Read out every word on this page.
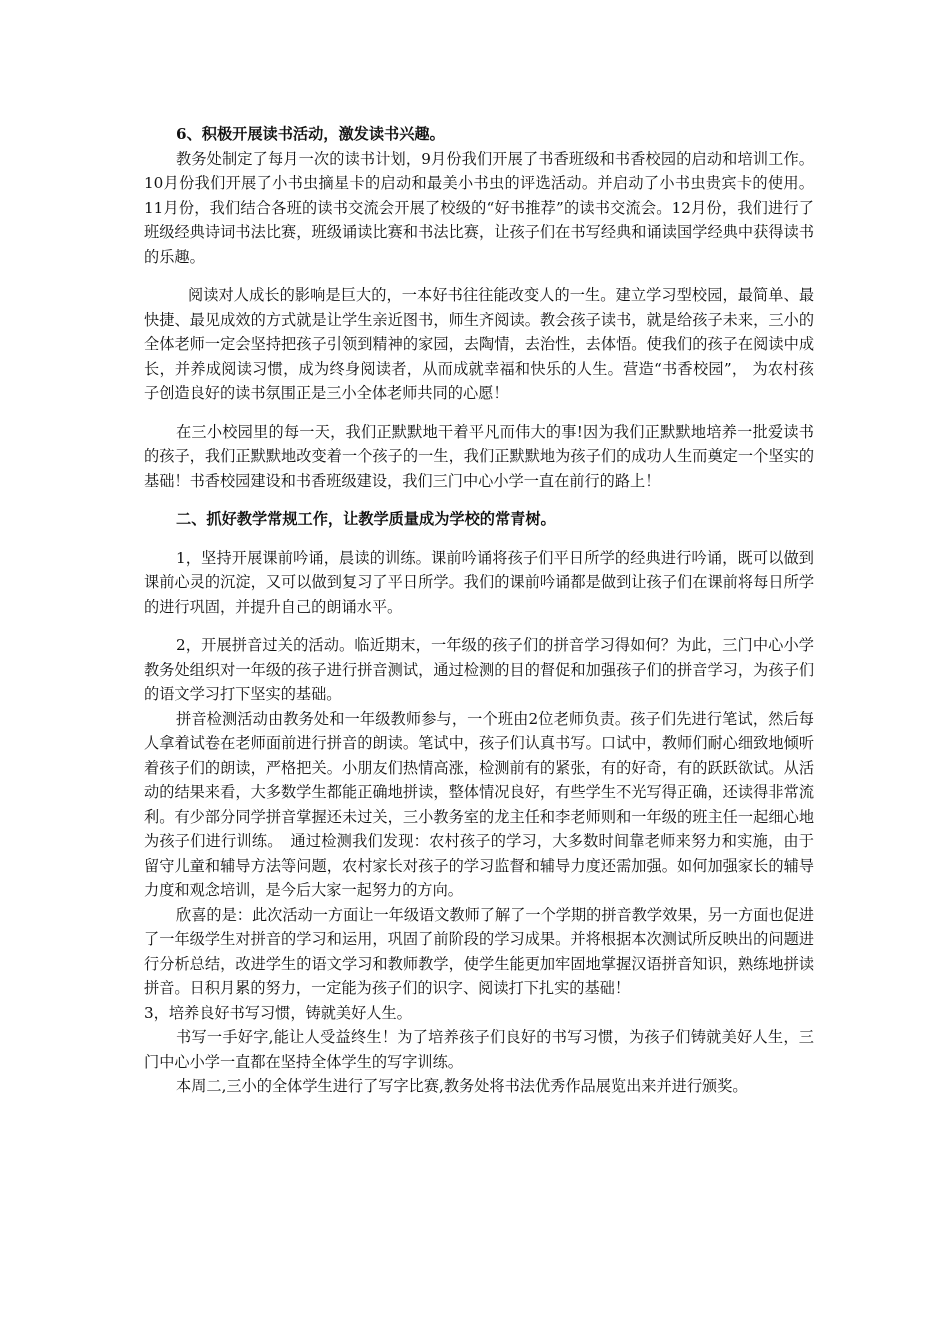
6、积极开展读书活动，激发读书兴趣。

教务处制定了每月一次的读书计划，9月份我们开展了书香班级和书香校园的启动和培训工作。10月份我们开展了小书虫摘星卡的启动和最美小书虫的评选活动。并启动了小书虫贵宾卡的使用。11月份，我们结合各班的读书交流会开展了校级的“好书推荐”的读书交流会。12月份，我们进行了班级经典诗词书法比赛，班级诵读比赛和书法比赛，让孩子们在书写经典和诵读国学经典中获得读书的乐趣。

阅读对人成长的影响是巨大的，一本好书往往能改变人的一生。建立学习型校园，最简单、最快捷、最见成效的方式就是让学生亲近图书，师生齐阅读。教会孩子读书，就是给孩子未来，三小的全体老师一定会坚持把孩子引领到精神的家园，去陶情，去治性，去体悟。使我们的孩子在阅读中成长，并养成阅读习惯，成为终身阅读者，从而成就幸福和快乐的人生。营造“书香校园”， 为农村孩子创造良好的读书氛围正是三小全体老师共同的心愿！

在三小校园里的每一天，我们正默默地干着平凡而伟大的事!因为我们正默默地培养一批爱读书的孩子，我们正默默地改变着一个孩子的一生，我们正默默地为孩子们的成功人生而奠定一个坚实的基础！书香校园建设和书香班级建设，我们三门中心小学一直在前行的路上！

二、抓好教学常规工作，让教学质量成为学校的常青树。

1，坚持开展课前吟诵，晨读的训练。课前吟诵将孩子们平日所学的经典进行吟诵，既可以做到课前心灵的沉淀，又可以做到复习了平日所学。我们的课前吟诵都是做到让孩子们在课前将每日所学的进行巩固，并提升自己的朗诵水平。

2，开展拼音过关的活动。临近期末，一年级的孩子们的拼音学习得如何？为此，三门中心小学教务处组织对一年级的孩子进行拼音测试，通过检测的目的督促和加强孩子们的拼音学习，为孩子们的语文学习打下坚实的基础。

拼音检测活动由教务处和一年级教师参与，一个班由2位老师负责。孩子们先进行笔试，然后每人拿着试卷在老师面前进行拼音的朗读。笔试中，孩子们认真书写。口试中，教师们耐心细致地倾听着孩子们的朗读，严格把关。小朋友们热情高涨，检测前有的紧张，有的好奇，有的跃跃欲试。从活动的结果来看，大多数学生都能正确地拼读，整体情况良好，有些学生不光写得正确，还读得非常流利。有少部分同学拼音掌握还未过关，三小教务室的龙主任和李老师则和一年级的班主任一起细心地为孩子们进行训练。　通过检测我们发现：农村孩子的学习，大多数时间靠老师来努力和实施，由于留守儿童和辅导方法等问题，农村家长对孩子的学习监督和辅导力度还需加强。如何加强家长的辅导力度和观念培训，是今后大家一起努力的方向。

欣喜的是：此次活动一方面让一年级语文教师了解了一个学期的拼音教学效果，另一方面也促进了一年级学生对拼音的学习和运用，巩固了前阶段的学习成果。并将根据本次测试所反映出的问题进行分析总结，改进学生的语文学习和教师教学，使学生能更加牢固地掌握汉语拼音知识，熟练地拼读拼音。日积月累的努力，一定能为孩子们的识字、阅读打下扎实的基础！

3，培养良好书写习惯，铸就美好人生。

书写一手好字,能让人受益终生！为了培养孩子们良好的书写习惯，为孩子们铸就美好人生，三门中心小学一直都在坚持全体学生的写字训练。

本周二,三小的全体学生进行了写字比赛,教务处将书法优秀作品展览出来并进行颁奖。
